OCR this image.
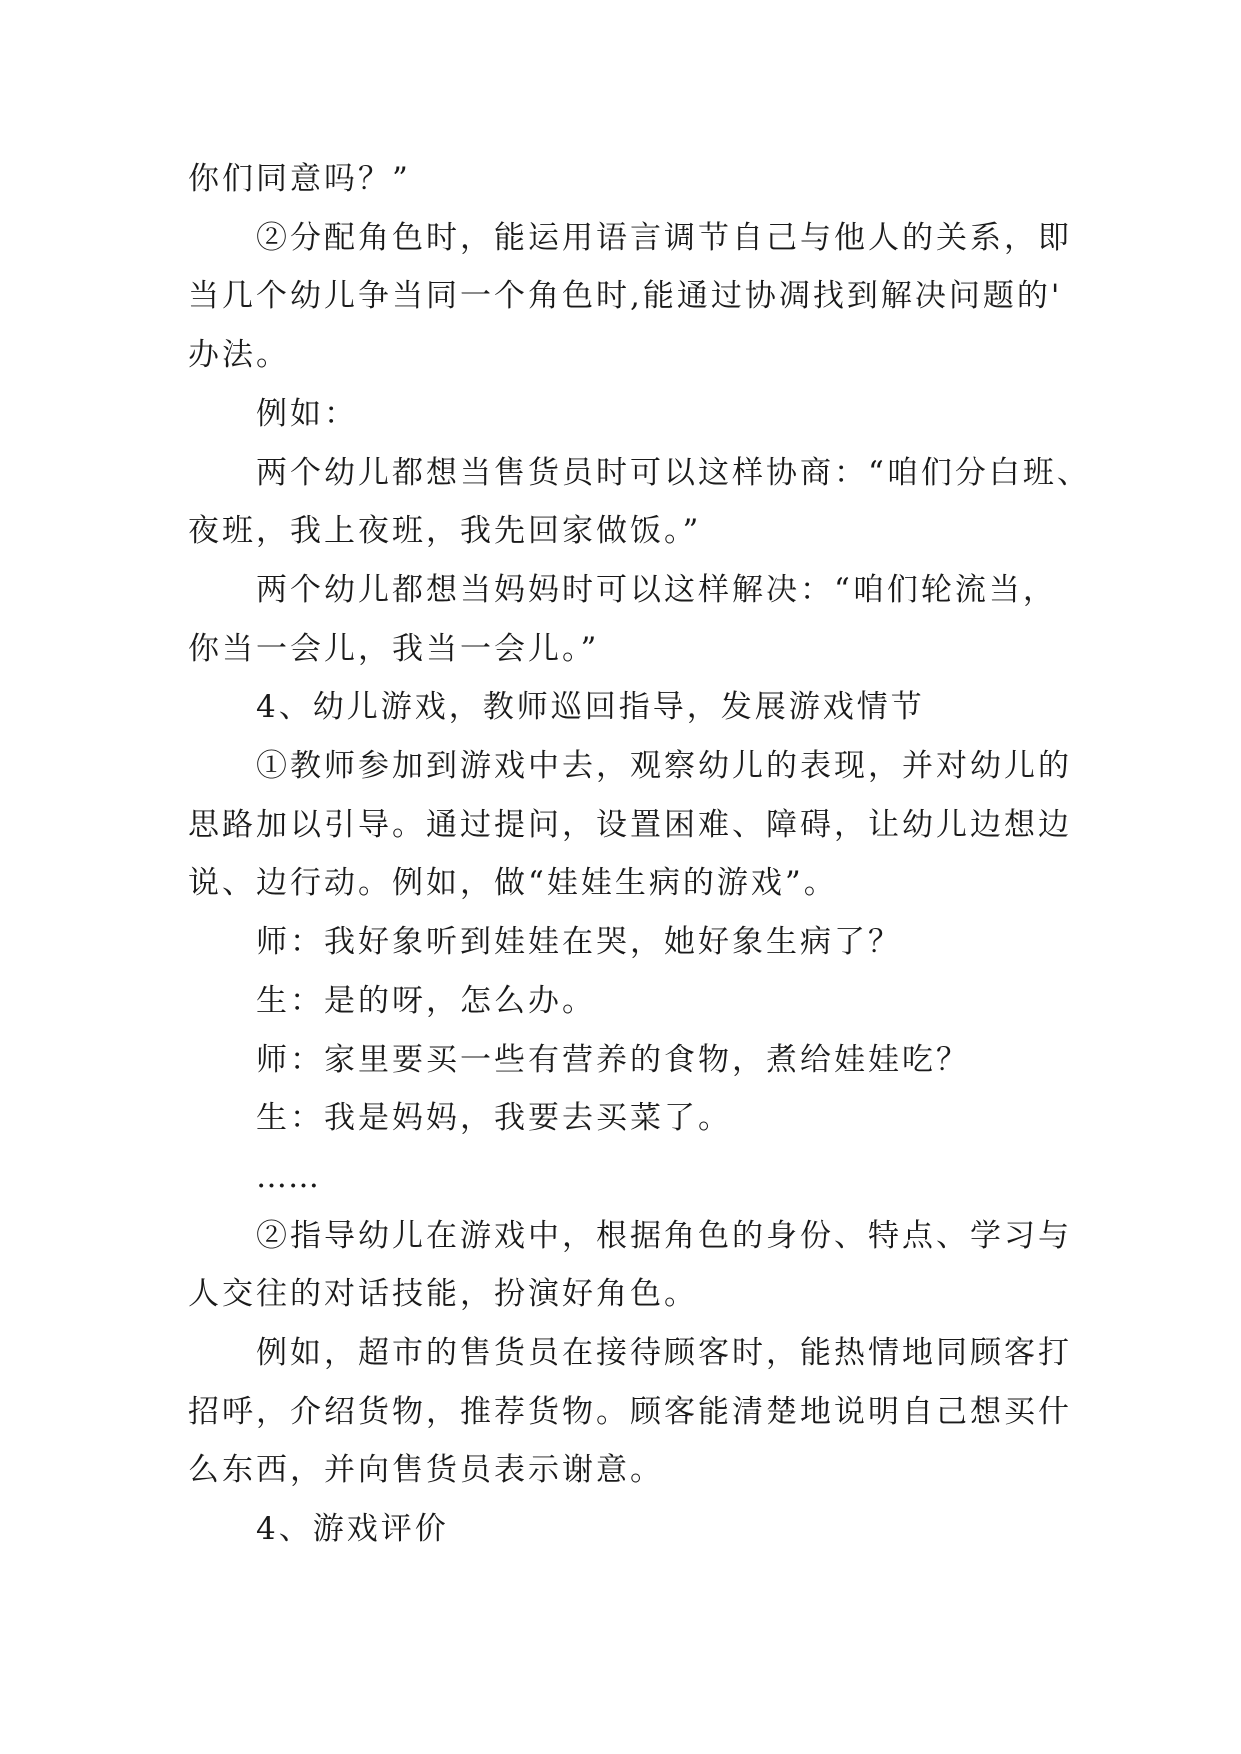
你们同意吗？”

②分配角色时，能运用语言调节自己与他人的关系，即

当几个幼儿争当同一个角色时,能通过协凋找到解决问题的'

办法。

例如：

两个幼儿都想当售货员时可以这样协商：“咱们分白班、

夜班，我上夜班，我先回家做饭。”

两个幼儿都想当妈妈时可以这样解决：“咱们轮流当，

你当一会儿，我当一会儿。”

4、幼儿游戏，教师巡回指导，发展游戏情节

①教师参加到游戏中去，观察幼儿的表现，并对幼儿的

思路加以引导。通过提问，设置困难、障碍，让幼儿边想边

说、边行动。例如，做“娃娃生病的游戏”。

师：我好象听到娃娃在哭，她好象生病了？

生：是的呀，怎么办。

师：家里要买一些有营养的食物，煮给娃娃吃？

生：我是妈妈，我要去买菜了。

……

②指导幼儿在游戏中，根据角色的身份、特点、学习与

人交往的对话技能，扮演好角色。

例如，超市的售货员在接待顾客时，能热情地同顾客打

招呼，介绍货物，推荐货物。顾客能清楚地说明自己想买什

么东西，并向售货员表示谢意。

4、游戏评价
